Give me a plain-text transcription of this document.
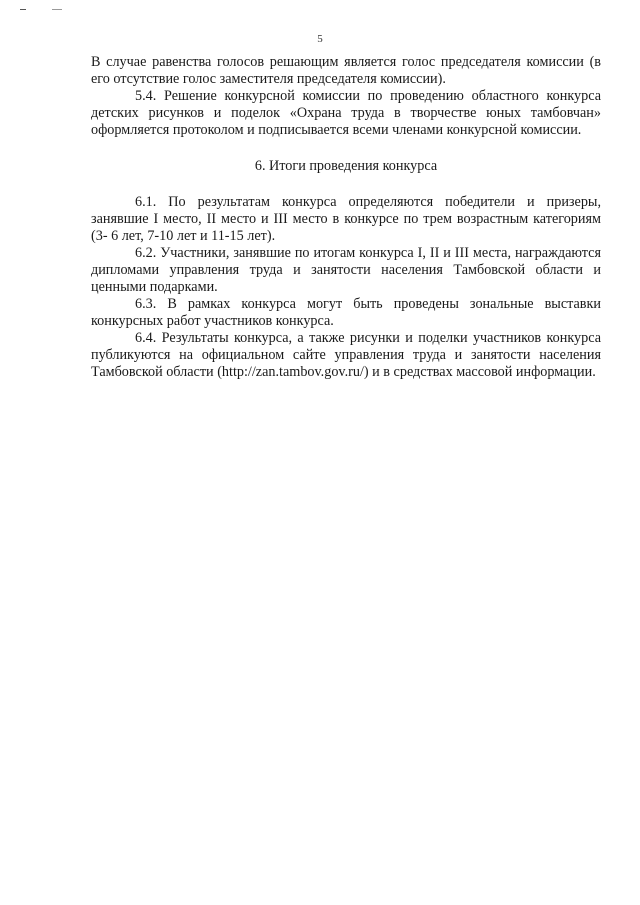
5

В случае равенства голосов решающим является голос председателя комиссии (в его отсутствие голос заместителя председателя комиссии).

5.4. Решение конкурсной комиссии по проведению областного конкурса детских рисунков и поделок «Охрана труда в творчестве юных тамбовчан» оформляется протоколом и подписывается всеми членами конкурсной комиссии.

6. Итоги проведения конкурса

6.1. По результатам конкурса определяются победители и призеры, занявшие I место, II место и III место в конкурсе по трем возрастным категориям (3- 6 лет, 7-10 лет и 11-15 лет).

6.2. Участники, занявшие по итогам конкурса I, II и III места, награждаются дипломами управления труда и занятости населения Тамбовской области и ценными подарками.

6.3. В рамках конкурса могут быть проведены зональные выставки конкурсных работ участников конкурса.

6.4. Результаты конкурса, а также рисунки и поделки участников конкурса публикуются на официальном сайте управления труда и занятости населения Тамбовской области (http://zan.tambov.gov.ru/) и в средствах массовой информации.
